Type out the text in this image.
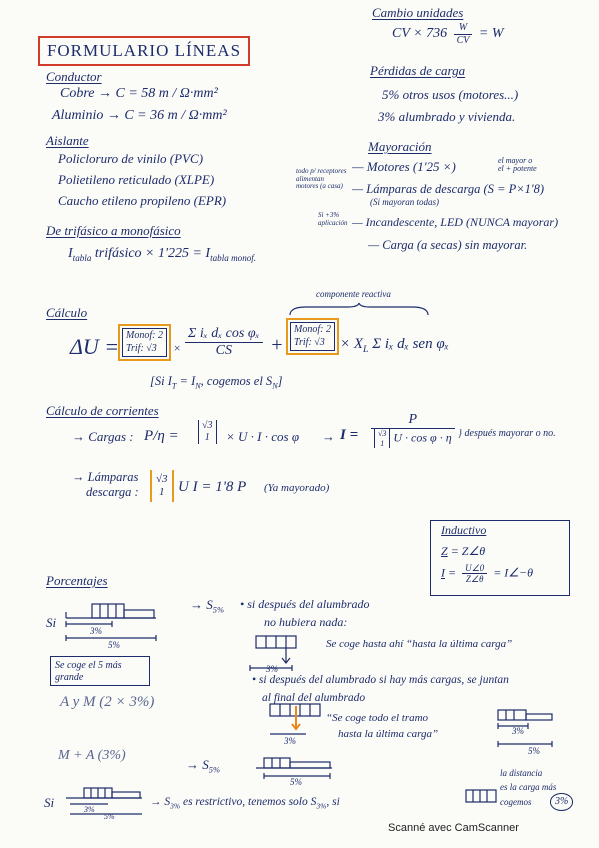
Cambio unidades
CV × $736 \frac{W}{CV} = W$
FORMULARIO LÍNEAS
Conductor
Cobre → C = 58 m / Ω·mm²
Aluminio → C = 36 m / Ω·mm²
Pérdidas de carga
5% otros usos (motores...)
3% alumbrado y vivienda.
Aislante
Policloruro de vinilo (PVC)
Polietileno reticulado (XLPE)
Caucho etileno propileno (EPR)
Mayoración
todo p/ receptores
alimentan
motores (a casa)
— Motores (1'25 ×)	el mayor o
el + potente
— Lámparas de descarga (S = P×1'8)
(Si mayoran todas)
Si +3%
aplicación — Incandescente, LED (NUNCA mayorar)
— Carga (a secas) sin mayorar.
De trifásico a monofásico
$I_{tabla}$ trifásico × $1'225 = I_{tabla monof.}$
componente reactiva
Cálculo
ΔU = Monof: 2
Trif: √3	× $\frac{\text{Σ iₓ dₓ cos φₓ}}{CS}$ +
Monof: 2
Trif: √3	× $X_L$ Σ iₓ dₓ sen φₓ
[Si $I_T = I_N$, cogemos el $S_N$]
Cálculo de corrientes
→ Cargas : P/η =
√3
1 × U · I · cos φ → I = P
√3
1 U · cos φ · η } después mayorar o no.
→ Lámparas
descarga :
√3
1 U I = 1'8 P (Ya mayorado)
Inductivo
Z = Z∠θ
$I = \frac{U\angle 0}{Z\angle\theta}$ = I∠−θ
Porcentajes
Si
3%
5%
→ $S_{5\%}$ • si después del alumbrado
no hubiera nada:
Se coge el 5 más
grande
A y M (2 × 3%)
3%
Se coge hasta ahí “hasta la última carga”
• si después del alumbrado si hay más cargas, se juntan
al final del alumbrado
3%
“Se coge todo el tramo
hasta la última carga”	3%
5%
M + A (3%)
→ $S_{5\%}$
5%
Si	3%
5%
→ $S_{3\%}$ es restrictivo, tenemos solo $S_{3\%}$, si
la distancia
es la carga más
cogemos	3%
Scanné avec CamScanner
